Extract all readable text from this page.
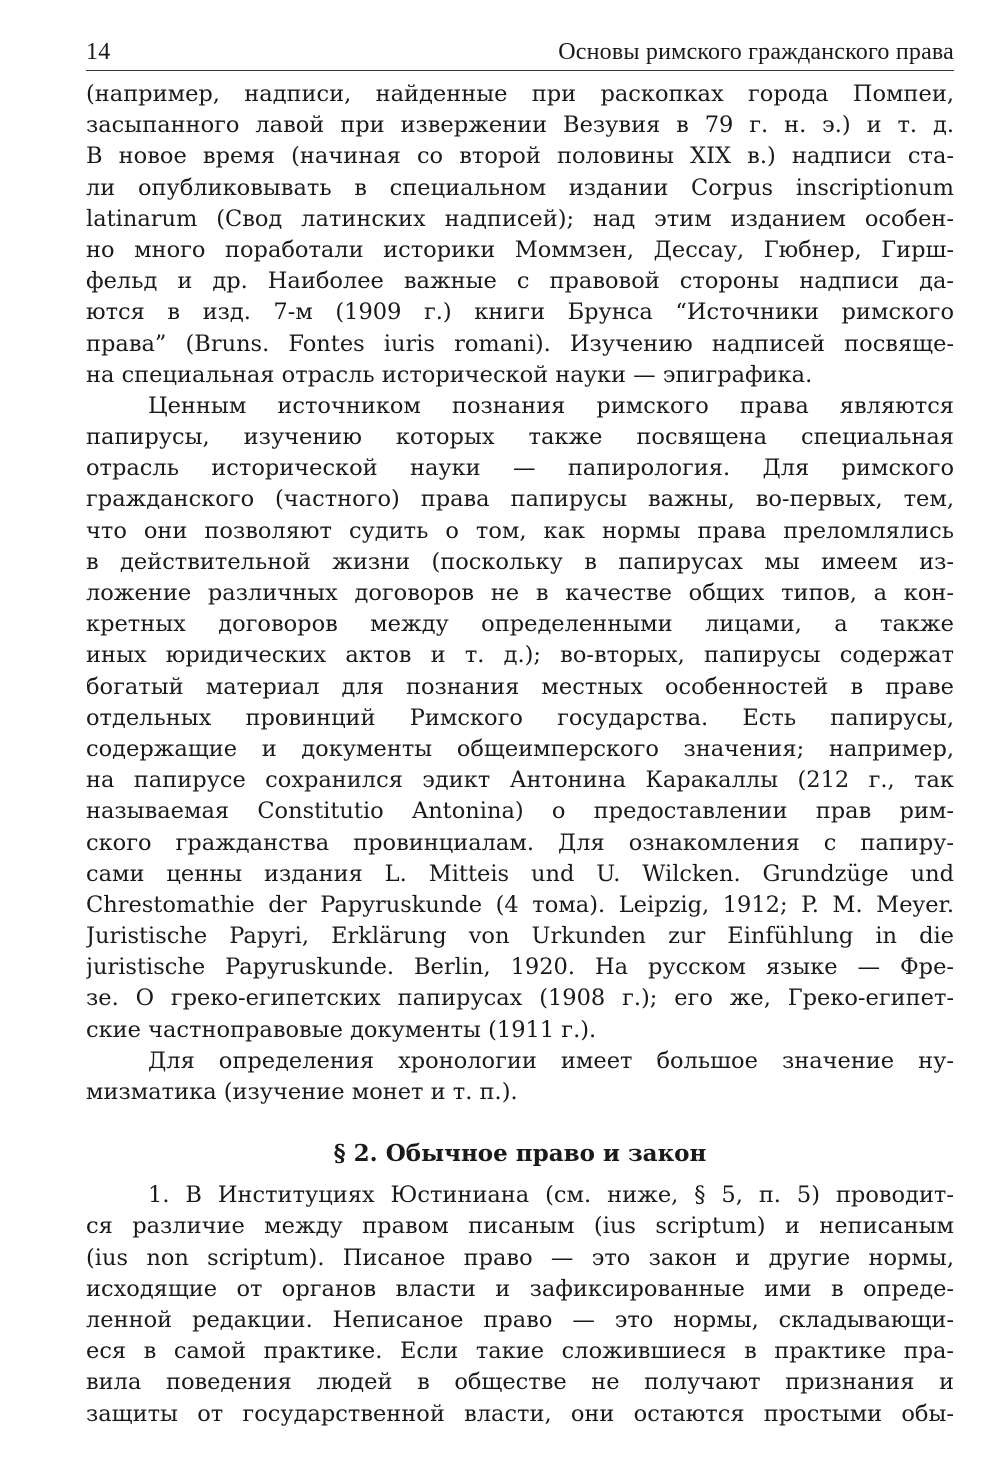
14	Основы римского гражданского права
(например, надписи, найденные при раскопках города Помпеи,
засыпанного лавой при извержении Везувия в 79 г. н. э.) и т. д.
В новое время (начиная со второй половины XIX в.) надписи ста-
ли опубликовывать в специальном издании Corpus inscriptionum
latinarum (Свод латинских надписей); над этим изданием особен-
но много поработали историки Моммзен, Дессау, Гюбнер, Гирш-
фельд и др. Наиболее важные с правовой стороны надписи да-
ются в изд. 7-м (1909 г.) книги Брунса “Источники римского
права” (Bruns. Fontes iuris romani). Изучению надписей посвяще-
на специальная отрасль исторической науки — эпиграфика.
Ценным источником познания римского права являются
папирусы, изучению которых также посвящена специальная
отрасль исторической науки — папирология. Для римского
гражданского (частного) права папирусы важны, во-первых, тем,
что они позволяют судить о том, как нормы права преломлялись
в действительной жизни (поскольку в папирусах мы имеем из-
ложение различных договоров не в качестве общих типов, а кон-
кретных договоров между определенными лицами, а также
иных юридических актов и т. д.); во-вторых, папирусы содержат
богатый материал для познания местных особенностей в праве
отдельных провинций Римского государства. Есть папирусы,
содержащие и документы общеимперского значения; например,
на папирусе сохранился эдикт Антонина Каракаллы (212 г., так
называемая Constitutio Antonina) о предоставлении прав рим-
ского гражданства провинциалам. Для ознакомления с папиру-
сами ценны издания L. Mitteis und U. Wilcken. Grundzüge und
Chrestomathie der Papyruskunde (4 тома). Leipzig, 1912; P. M. Meyer.
Juristische Papyri, Erklärung von Urkunden zur Einfühlung in die
juristische Papyruskunde. Berlin, 1920. На русском языке — Фре-
зе. О греко-египетских папирусах (1908 г.); его же, Греко-египет-
ские частноправовые документы (1911 г.).
Для определения хронологии имеет большое значение ну-
мизматика (изучение монет и т. п.).
§ 2. Обычное право и закон
1. В Институциях Юстиниана (см. ниже, § 5, п. 5) проводит-
ся различие между правом писаным (ius scriptum) и неписаным
(ius non scriptum). Писаное право — это закон и другие нормы,
исходящие от органов власти и зафиксированные ими в опреде-
ленной редакции. Неписаное право — это нормы, складывающи-
еся в самой практике. Если такие сложившиеся в практике пра-
вила поведения людей в обществе не получают признания и
защиты от государственной власти, они остаются простыми обы-
